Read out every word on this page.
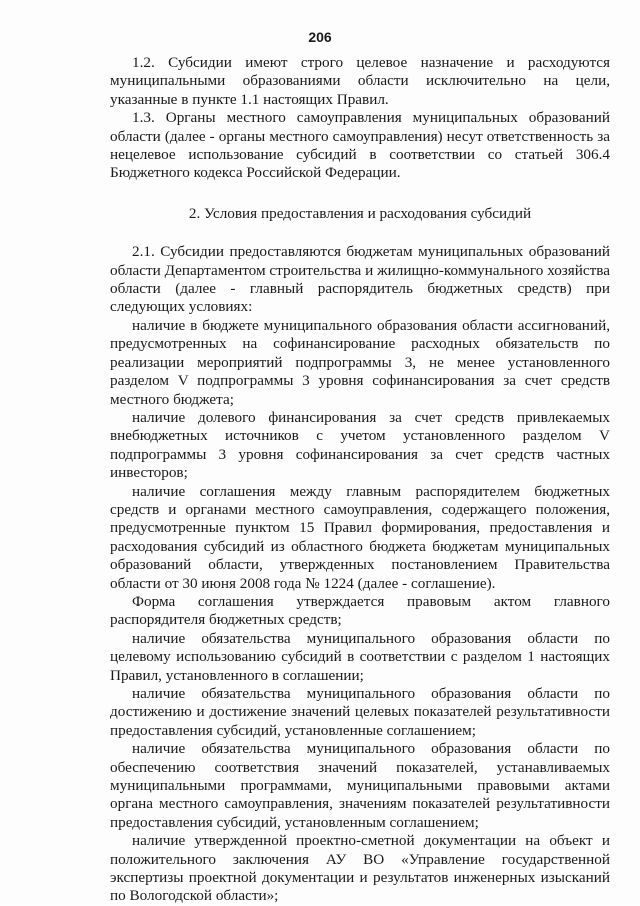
206

1.2. Субсидии имеют строго целевое назначение и расходуются муниципальными образованиями области исключительно на цели, указанные в пункте 1.1 настоящих Правил.

1.3. Органы местного самоуправления муниципальных образований области (далее - органы местного самоуправления) несут ответственность за нецелевое использование субсидий в соответствии со статьей 306.4 Бюджетного кодекса Российской Федерации.

2. Условия предоставления и расходования субсидий

2.1. Субсидии предоставляются бюджетам муниципальных образований области Департаментом строительства и жилищно-коммунального хозяйства области (далее - главный распорядитель бюджетных средств) при следующих условиях:

наличие в бюджете муниципального образования области ассигнований, предусмотренных на софинансирование расходных обязательств по реализации мероприятий подпрограммы 3, не менее установленного разделом V подпрограммы 3 уровня софинансирования за счет средств местного бюджета;

наличие долевого финансирования за счет средств привлекаемых внебюджетных источников с учетом установленного разделом V подпрограммы 3 уровня софинансирования за счет средств частных инвесторов;

наличие соглашения между главным распорядителем бюджетных средств и органами местного самоуправления, содержащего положения, предусмотренные пунктом 15 Правил формирования, предоставления и расходования субсидий из областного бюджета бюджетам муниципальных образований области, утвержденных постановлением Правительства области от 30 июня 2008 года № 1224 (далее - соглашение).

Форма соглашения утверждается правовым актом главного распорядителя бюджетных средств;

наличие обязательства муниципального образования области по целевому использованию субсидий в соответствии с разделом 1 настоящих Правил, установленного в соглашении;

наличие обязательства муниципального образования области по достижению и достижение значений целевых показателей результативности предоставления субсидий, установленные соглашением;

наличие обязательства муниципального образования области по обеспечению соответствия значений показателей, устанавливаемых муниципальными программами, муниципальными правовыми актами органа местного самоуправления, значениям показателей результативности предоставления субсидий, установленным соглашением;

наличие утвержденной проектно-сметной документации на объект и положительного заключения АУ ВО «Управление государственной экспертизы проектной документации и результатов инженерных изысканий по Вологодской области»;
